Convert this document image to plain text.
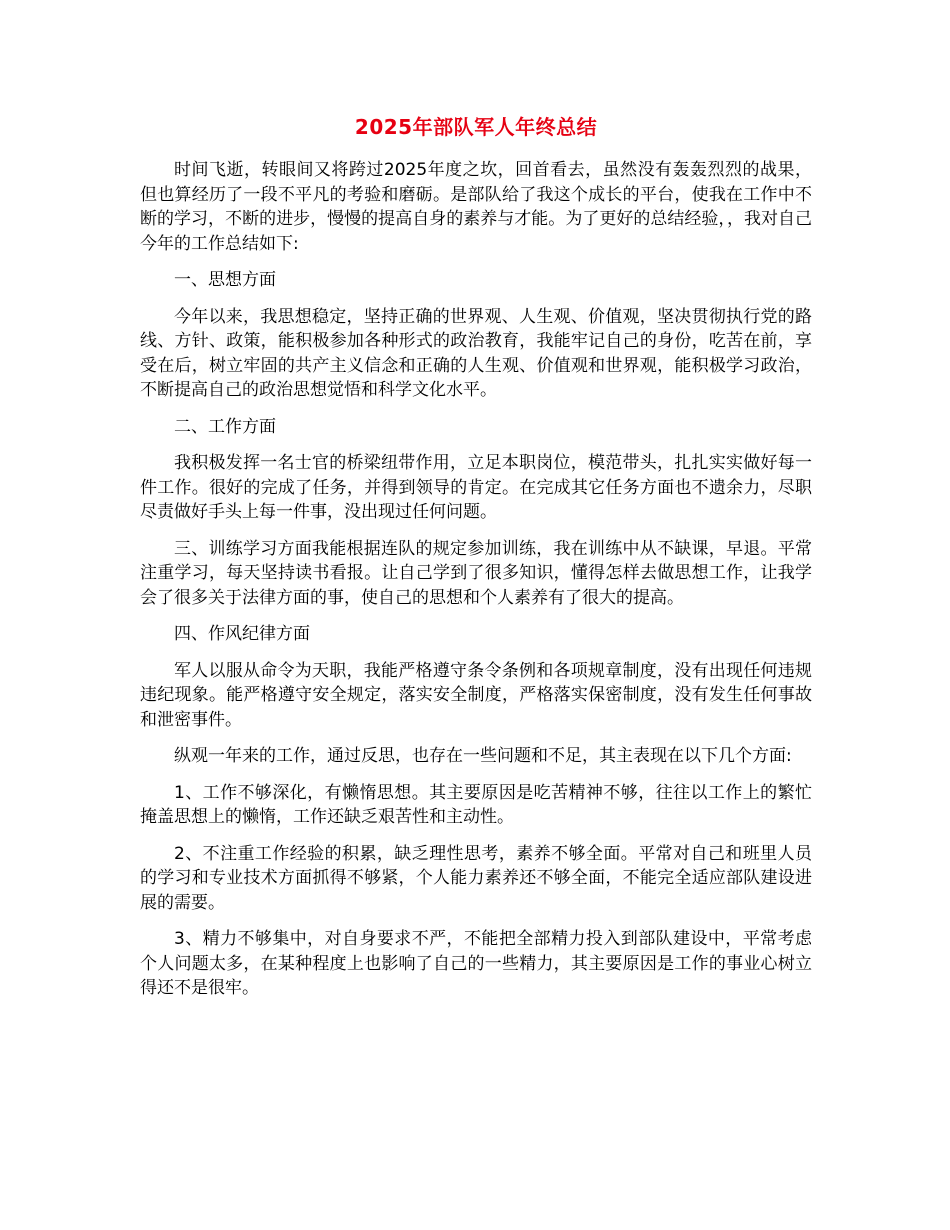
2025年部队军人年终总结

时间飞逝，转眼间又将跨过2025年度之坎，回首看去，虽然没有轰轰烈烈的战果，但也算经历了一段不平凡的考验和磨砺。是部队给了我这个成长的平台，使我在工作中不断的学习，不断的进步，慢慢的提高自身的素养与才能。为了更好的总结经验，，我对自己今年的工作总结如下:

一、思想方面

今年以来，我思想稳定，坚持正确的世界观、人生观、价值观，坚决贯彻执行党的路线、方针、政策，能积极参加各种形式的政治教育，我能牢记自己的身份，吃苦在前，享受在后，树立牢固的共产主义信念和正确的人生观、价值观和世界观，能积极学习政治，不断提高自己的政治思想觉悟和科学文化水平。

二、工作方面

我积极发挥一名士官的桥梁纽带作用，立足本职岗位，模范带头，扎扎实实做好每一件工作。很好的完成了任务，并得到领导的肯定。在完成其它任务方面也不遗余力，尽职尽责做好手头上每一件事，没出现过任何问题。

三、训练学习方面我能根据连队的规定参加训练，我在训练中从不缺课，早退。平常注重学习，每天坚持读书看报。让自己学到了很多知识，懂得怎样去做思想工作，让我学会了很多关于法律方面的事，使自己的思想和个人素养有了很大的提高。

四、作风纪律方面

军人以服从命令为天职，我能严格遵守条令条例和各项规章制度，没有出现任何违规违纪现象。能严格遵守安全规定，落实安全制度，严格落实保密制度，没有发生任何事故和泄密事件。

纵观一年来的工作，通过反思，也存在一些问题和不足，其主表现在以下几个方面:

1、工作不够深化，有懒惰思想。其主要原因是吃苦精神不够，往往以工作上的繁忙掩盖思想上的懒惰，工作还缺乏艰苦性和主动性。

2、不注重工作经验的积累，缺乏理性思考，素养不够全面。平常对自己和班里人员的学习和专业技术方面抓得不够紧，个人能力素养还不够全面，不能完全适应部队建设进展的需要。

3、精力不够集中，对自身要求不严，不能把全部精力投入到部队建设中，平常考虑个人问题太多，在某种程度上也影响了自己的一些精力，其主要原因是工作的事业心树立得还不是很牢。
